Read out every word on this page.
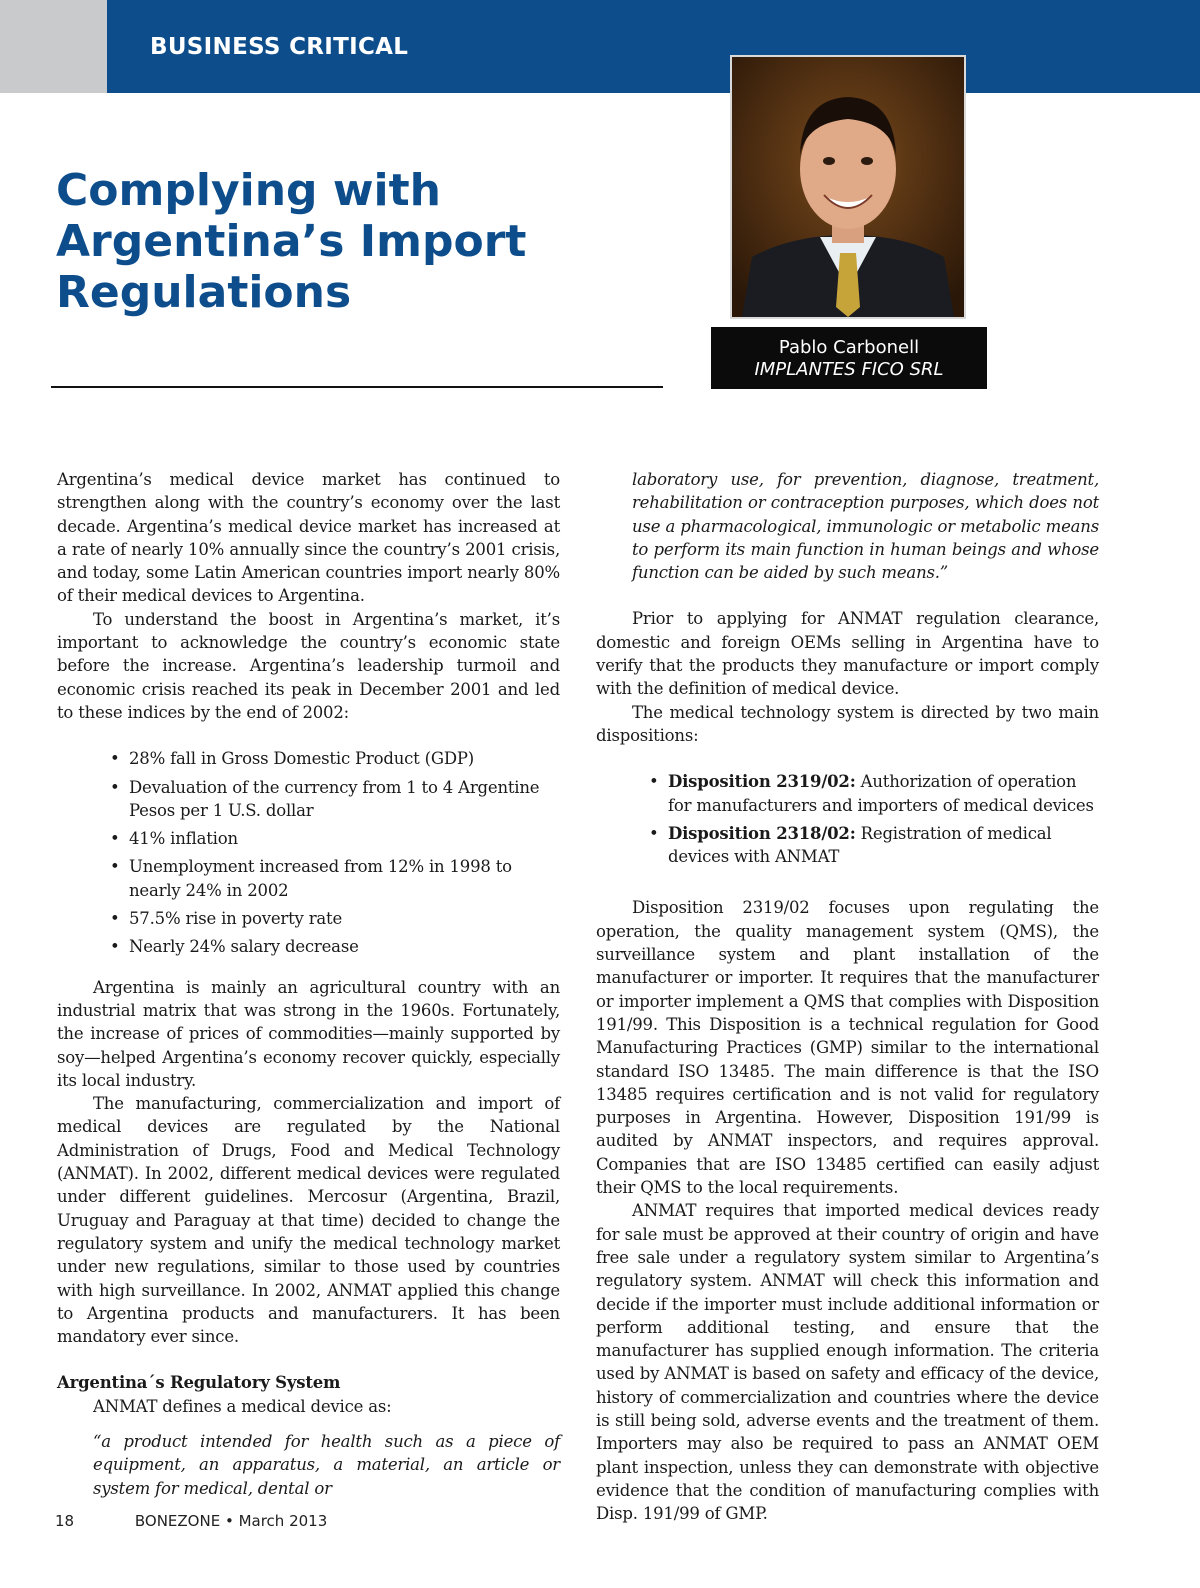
BUSINESS CRITICAL
Complying with
Argentina’s Import
Regulations
Pablo Carbonell
IMPLANTES FICO SRL

Argentina’s medical device market has continued to strengthen along with the country’s economy over the last decade. Argentina’s medical device market has increased at a rate of nearly 10% annually since the country’s 2001 crisis, and today, some Latin American countries import nearly 80% of their medical devices to Argentina.

To understand the boost in Argentina’s market, it’s important to acknowledge the country’s economic state before the increase. Argentina’s leadership turmoil and economic crisis reached its peak in December 2001 and led to these indices by the end of 2002:

• 28% fall in Gross Domestic Product (GDP)
• Devaluation of the currency from 1 to 4 Argentine Pesos per 1 U.S. dollar
• 41% inflation
• Unemployment increased from 12% in 1998 to nearly 24% in 2002
• 57.5% rise in poverty rate
• Nearly 24% salary decrease

Argentina is mainly an agricultural country with an industrial matrix that was strong in the 1960s. Fortunately, the increase of prices of commodities—mainly supported by soy—helped Argentina’s economy recover quickly, especially its local industry.

The manufacturing, commercialization and import of medical devices are regulated by the National Administration of Drugs, Food and Medical Technology (ANMAT). In 2002, different medical devices were regulated under different guidelines. Mercosur (Argentina, Brazil, Uruguay and Paraguay at that time) decided to change the regulatory system and unify the medical technology market under new regulations, similar to those used by countries with high surveillance. In 2002, ANMAT applied this change to Argentina products and manufacturers. It has been mandatory ever since.

Argentina´s Regulatory System

ANMAT defines a medical device as:

“a product intended for health such as a piece of equipment, an apparatus, a material, an article or system for medical, dental or

laboratory use, for prevention, diagnose, treatment, rehabilitation or contraception purposes, which does not use a pharmacological, immunologic or metabolic means to perform its main function in human beings and whose function can be aided by such means.”

Prior to applying for ANMAT regulation clearance, domestic and foreign OEMs selling in Argentina have to verify that the products they manufacture or import comply with the definition of medical device.

The medical technology system is directed by two main dispositions:

• Disposition 2319/02: Authorization of operation for manufacturers and importers of medical devices
• Disposition 2318/02: Registration of medical devices with ANMAT

Disposition 2319/02 focuses upon regulating the operation, the quality management system (QMS), the surveillance system and plant installation of the manufacturer or importer. It requires that the manufacturer or importer implement a QMS that complies with Disposition 191/99. This Disposition is a technical regulation for Good Manufacturing Practices (GMP) similar to the international standard ISO 13485. The main difference is that the ISO 13485 requires certification and is not valid for regulatory purposes in Argentina. However, Disposition 191/99 is audited by ANMAT inspectors, and requires approval. Companies that are ISO 13485 certified can easily adjust their QMS to the local requirements.

ANMAT requires that imported medical devices ready for sale must be approved at their country of origin and have free sale under a regulatory system similar to Argentina’s regulatory system. ANMAT will check this information and decide if the importer must include additional information or perform additional testing, and ensure that the manufacturer has supplied enough information. The criteria used by ANMAT is based on safety and efficacy of the device, history of commercialization and countries where the device is still being sold, adverse events and the treatment of them. Importers may also be required to pass an ANMAT OEM plant inspection, unless they can demonstrate with objective evidence that the condition of manufacturing complies with Disp. 191/99 of GMP.

18	BONEZONE • March 2013
